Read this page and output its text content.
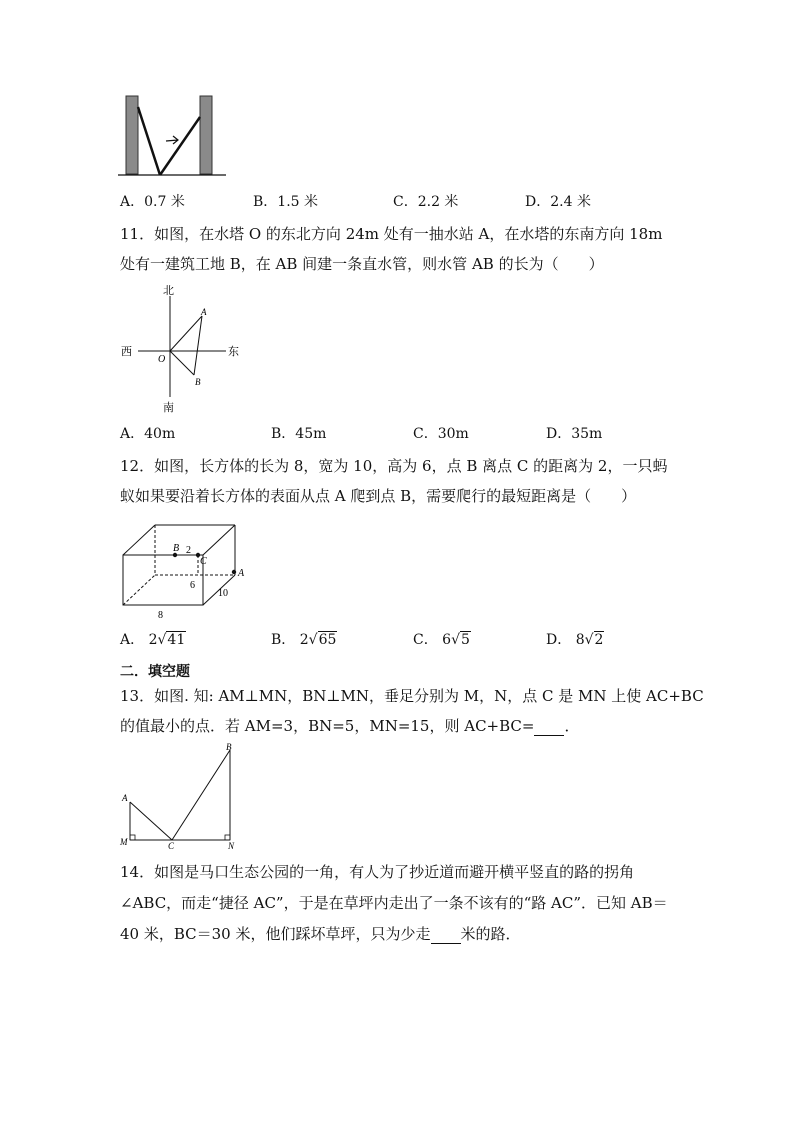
A．0.7 米	B．1.5 米	C．2.2 米	D．2.4 米
11．如图，在水塔 O 的东北方向 24m 处有一抽水站 A，在水塔的东南方向 18m
处有一建筑工地 B，在 AB 间建一条直水管，则水管 AB 的长为（　　）
北
南
西	东
O
A
B
A．40m	B．45m	C．30m	D．35m
12．如图，长方体的长为 8，宽为 10，高为 6，点 B 离点 C 的距离为 2，一只蚂
蚁如果要沿着长方体的表面从点 A 爬到点 B，需要爬行的最短距离是（　　）
B 2
C
A
6
10
8
A． 2√41	B． 2√65	C． 6√5	D． 8√2
二．填空题
13．如图. 知: AM⊥MN，BN⊥MN，垂足分别为 M，N，点 C 是 MN 上使 AC+BC
的值最小的点．若 AM=3，BN=5，MN=15，则 AC+BC= ．
A
B
M	N
C
14．如图是马口生态公园的一角，有人为了抄近道而避开横平竖直的路的拐角
∠ABC，而走“捷径 AC”，于是在草坪内走出了一条不该有的“路 AC”．已知 AB＝
40 米，BC＝30 米，他们踩坏草坪，只为少走 米的路．
